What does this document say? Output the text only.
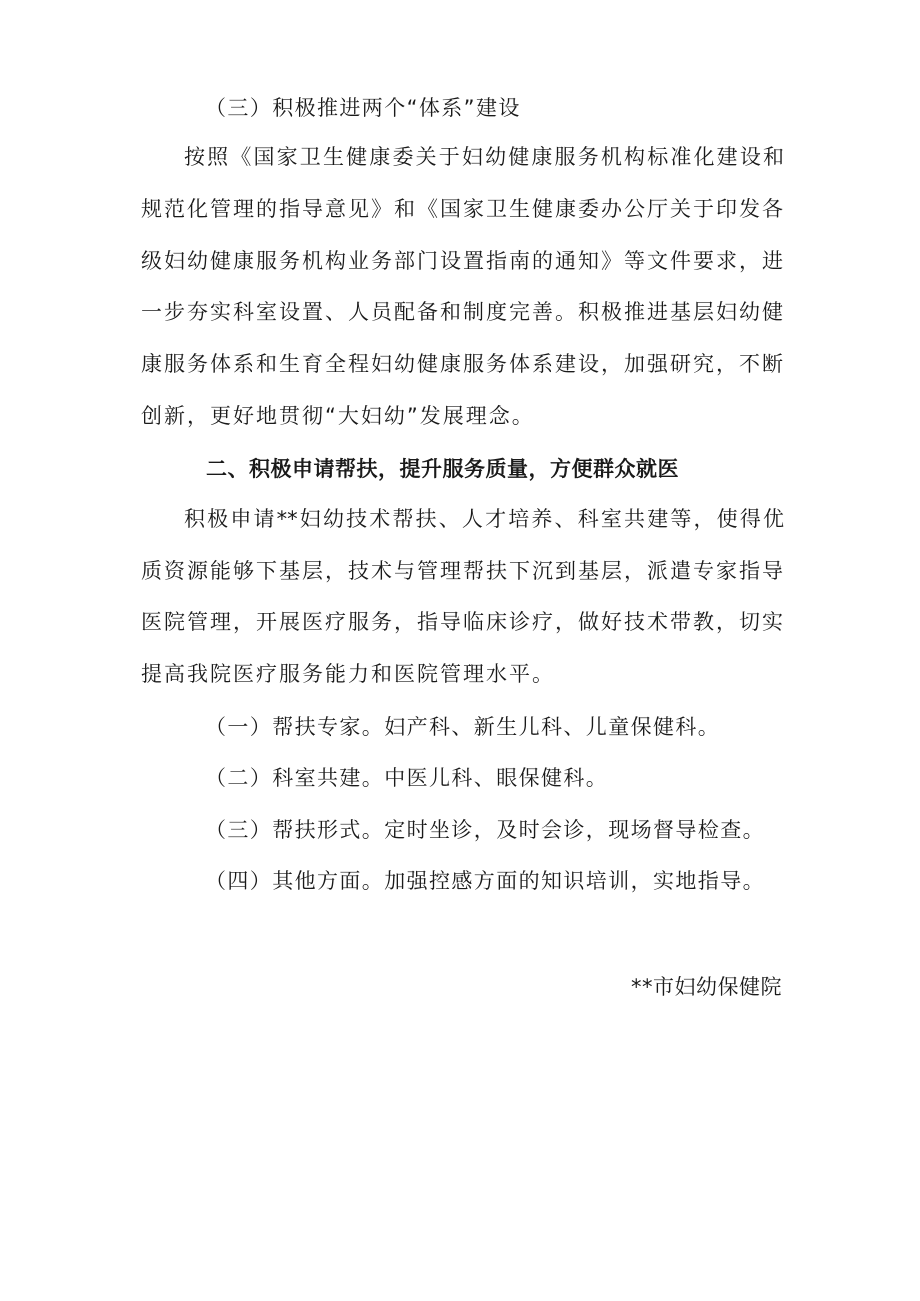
（三）积极推进两个“体系”建设
按照《国家卫生健康委关于妇幼健康服务机构标准化建设和
规范化管理的指导意见》和《国家卫生健康委办公厅关于印发各
级妇幼健康服务机构业务部门设置指南的通知》等文件要求，进
一步夯实科室设置、人员配备和制度完善。积极推进基层妇幼健
康服务体系和生育全程妇幼健康服务体系建设，加强研究，不断
创新，更好地贯彻“大妇幼”发展理念。
二、积极申请帮扶，提升服务质量，方便群众就医
积极申请**妇幼技术帮扶、人才培养、科室共建等，使得优
质资源能够下基层，技术与管理帮扶下沉到基层，派遣专家指导
医院管理，开展医疗服务，指导临床诊疗，做好技术带教，切实
提高我院医疗服务能力和医院管理水平。
（一）帮扶专家。妇产科、新生儿科、儿童保健科。
（二）科室共建。中医儿科、眼保健科。
（三）帮扶形式。定时坐诊，及时会诊，现场督导检查。
（四）其他方面。加强控感方面的知识培训，实地指导。
**市妇幼保健院
